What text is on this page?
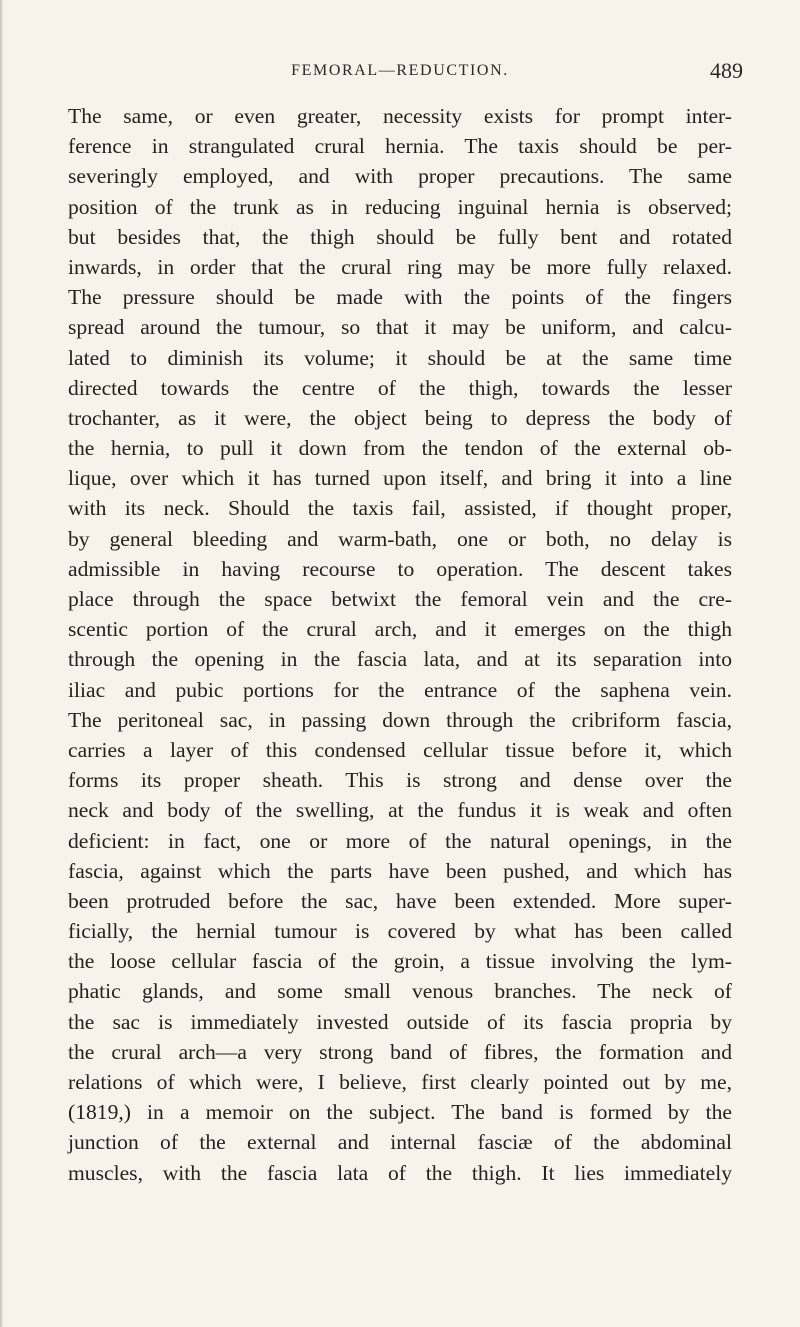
FEMORAL—REDUCTION.	489
The same, or even greater, necessity exists for prompt inter-
ference in strangulated crural hernia. The taxis should be per-
severingly employed, and with proper precautions. The same
position of the trunk as in reducing inguinal hernia is observed;
but besides that, the thigh should be fully bent and rotated
inwards, in order that the crural ring may be more fully relaxed.
The pressure should be made with the points of the fingers
spread around the tumour, so that it may be uniform, and calcu-
lated to diminish its volume; it should be at the same time
directed towards the centre of the thigh, towards the lesser
trochanter, as it were, the object being to depress the body of
the hernia, to pull it down from the tendon of the external ob-
lique, over which it has turned upon itself, and bring it into a line
with its neck. Should the taxis fail, assisted, if thought proper,
by general bleeding and warm-bath, one or both, no delay is
admissible in having recourse to operation. The descent takes
place through the space betwixt the femoral vein and the cre-
scentic portion of the crural arch, and it emerges on the thigh
through the opening in the fascia lata, and at its separation into
iliac and pubic portions for the entrance of the saphena vein.
The peritoneal sac, in passing down through the cribriform fascia,
carries a layer of this condensed cellular tissue before it, which
forms its proper sheath. This is strong and dense over the
neck and body of the swelling, at the fundus it is weak and often
deficient: in fact, one or more of the natural openings, in the
fascia, against which the parts have been pushed, and which has
been protruded before the sac, have been extended. More super-
ficially, the hernial tumour is covered by what has been called
the loose cellular fascia of the groin, a tissue involving the lym-
phatic glands, and some small venous branches. The neck of
the sac is immediately invested outside of its fascia propria by
the crural arch—a very strong band of fibres, the formation and
relations of which were, I believe, first clearly pointed out by me,
(1819,) in a memoir on the subject. The band is formed by the
junction of the external and internal fasciæ of the abdominal
muscles, with the fascia lata of the thigh. It lies immediately
